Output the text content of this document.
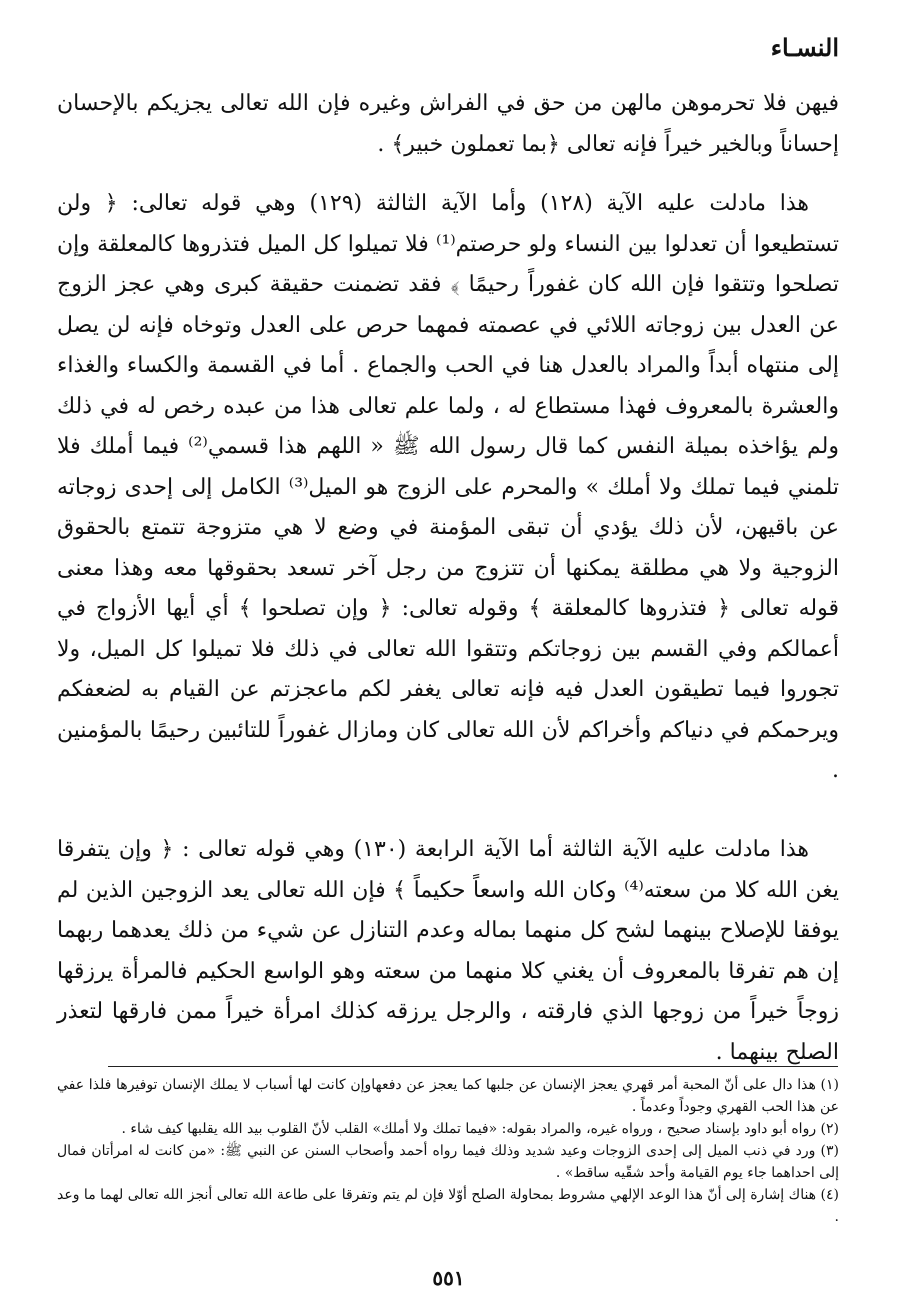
النسـاء

فيهن فلا تحرموهن مالهن من حق في الفراش وغيره فإن الله تعالى يجزيكم بالإحسان إحساناً وبالخير خيراً فإنه تعالى ﴿بما تعملون خبير﴾ .

هذا مادلت عليه الآية (١٢٨) وأما الآية الثالثة (١٢٩) وهي قوله تعالى: ﴿ ولن تستطيعوا أن تعدلوا بين النساء ولو حرصتم⁽¹⁾ فلا تميلوا كل الميل فتذروها كالمعلقة وإن تصلحوا وتتقوا فإن الله كان غفوراً رحيمًا ﴾ فقد تضمنت حقيقة كبرى وهي عجز الزوج عن العدل بين زوجاته اللائي في عصمته فمهما حرص على العدل وتوخاه فإنه لن يصل إلى منتهاه أبداً والمراد بالعدل هنا في الحب والجماع . أما في القسمة والكساء والغذاء والعشرة بالمعروف فهذا مستطاع له ، ولما علم تعالى هذا من عبده رخص له في ذلك ولم يؤاخذه بميلة النفس كما قال رسول الله ﷺ « اللهم هذا قسمي⁽²⁾ فيما أملك فلا تلمني فيما تملك ولا أملك » والمحرم على الزوج هو الميل⁽³⁾ الكامل إلى إحدى زوجاته عن باقيهن، لأن ذلك يؤدي أن تبقى المؤمنة في وضع لا هي متزوجة تتمتع بالحقوق الزوجية ولا هي مطلقة يمكنها أن تتزوج من رجل آخر تسعد بحقوقها معه وهذا معنى قوله تعالى ﴿ فتذروها كالمعلقة ﴾ وقوله تعالى: ﴿ وإن تصلحوا ﴾ أي أيها الأزواج في أعمالكم وفي القسم بين زوجاتكم وتتقوا الله تعالى في ذلك فلا تميلوا كل الميل، ولا تجوروا فيما تطيقون العدل فيه فإنه تعالى يغفر لكم ماعجزتم عن القيام به لضعفكم ويرحمكم في دنياكم وأخراكم لأن الله تعالى كان ومازال غفوراً للتائبين رحيمًا بالمؤمنين .

هذا مادلت عليه الآية الثالثة أما الآية الرابعة (١٣٠) وهي قوله تعالى : ﴿ وإن يتفرقا يغن الله كلا من سعته⁽⁴⁾ وكان الله واسعاً حكيماً ﴾ فإن الله تعالى يعد الزوجين الذين لم يوفقا للإصلاح بينهما لشح كل منهما بماله وعدم التنازل عن شيء من ذلك يعدهما ربهما إن هم تفرقا بالمعروف أن يغني كلا منهما من سعته وهو الواسع الحكيم فالمرأة يرزقها زوجاً خيراً من زوجها الذي فارقته ، والرجل يرزقه كذلك امرأة خيراً ممن فارقها لتعذر الصلح بينهما .

(١) هذا دال على أنّ المحبة أمر قهري يعجز الإنسان عن جلبها كما يعجز عن دفعهاوإن كانت لها أسباب لا يملك الإنسان توفيرها فلذا عفي عن هذا الحب القهري وجوداً وعدماً .

(٢) رواه أبو داود بإسناد صحيح ، ورواه غيره، والمراد بقوله: «فيما تملك ولا أملك» القلب لأنّ القلوب بيد الله يقلبها كيف شاء .

(٣) ورد في ذنب الميل إلى إحدى الزوجات وعيد شديد وذلك فيما رواه أحمد وأصحاب السنن عن النبي ﷺ: «من كانت له امرأتان فمال إلى احداهما جاء يوم القيامة وأحد شقّيه ساقط» .

(٤) هناك إشارة إلى أنّ هذا الوعد الإلهي مشروط بمحاولة الصلح أوّلا فإن لم يتم وتفرقا على طاعة الله تعالى أنجز الله تعالى لهما ما وعد .

٥٥١
